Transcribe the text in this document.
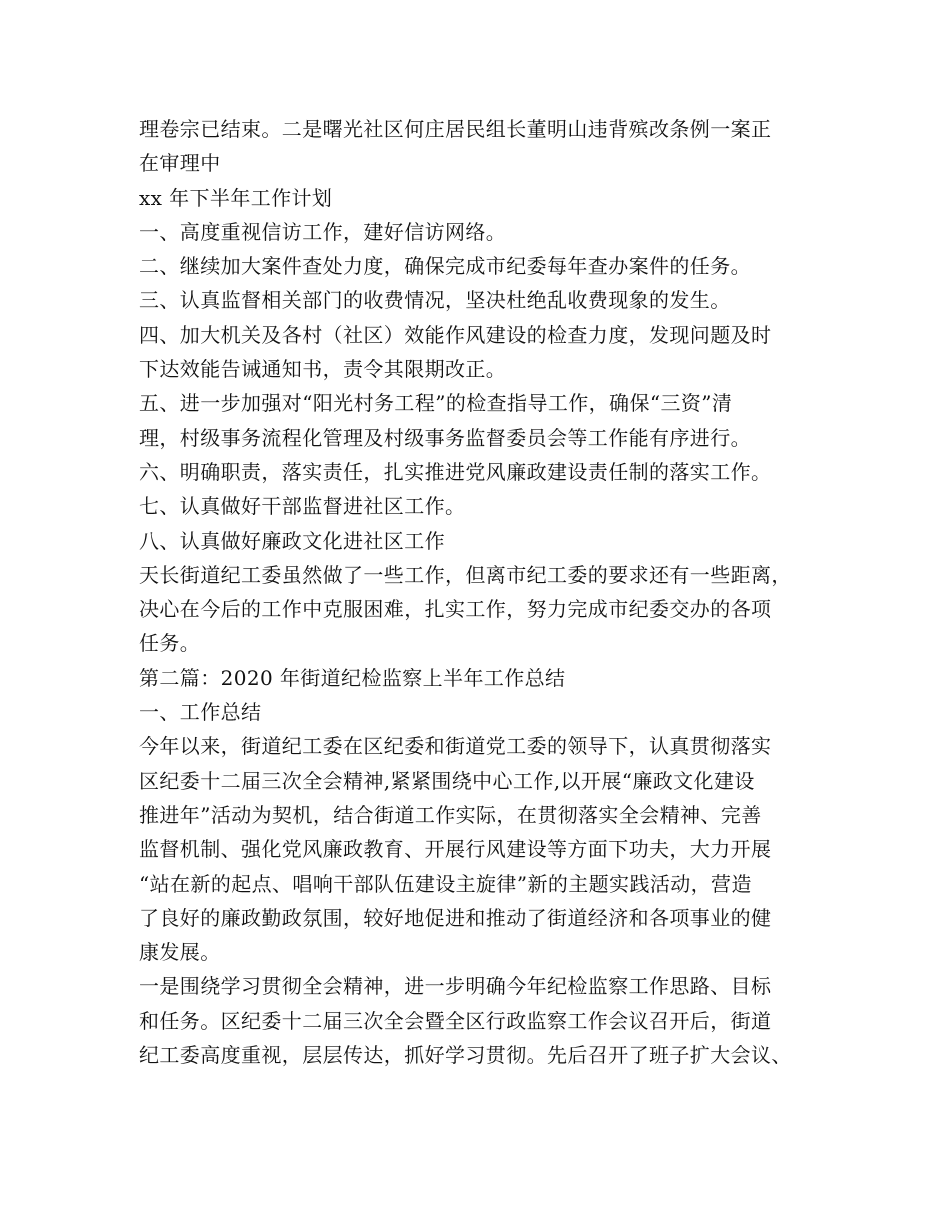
理卷宗已结束。二是曙光社区何庄居民组长董明山违背殡改条例一案正
在审理中
xx 年下半年工作计划
一、高度重视信访工作，建好信访网络。
二、继续加大案件查处力度，确保完成市纪委每年查办案件的任务。
三、认真监督相关部门的收费情况，坚决杜绝乱收费现象的发生。
四、加大机关及各村（社区）效能作风建设的检查力度，发现问题及时
下达效能告诫通知书，责令其限期改正。
五、进一步加强对“阳光村务工程”的检查指导工作，确保“三资”清
理，村级事务流程化管理及村级事务监督委员会等工作能有序进行。
六、明确职责，落实责任，扎实推进党风廉政建设责任制的落实工作。
七、认真做好干部监督进社区工作。
八、认真做好廉政文化进社区工作
天长街道纪工委虽然做了一些工作，但离市纪工委的要求还有一些距离，
决心在今后的工作中克服困难，扎实工作，努力完成市纪委交办的各项
任务。
第二篇：2020 年街道纪检监察上半年工作总结
一、工作总结
今年以来，街道纪工委在区纪委和街道党工委的领导下，认真贯彻落实
区纪委十二届三次全会精神,紧紧围绕中心工作,以开展“廉政文化建设
推进年”活动为契机，结合街道工作实际，在贯彻落实全会精神、完善
监督机制、强化党风廉政教育、开展行风建设等方面下功夫，大力开展
“站在新的起点、唱响干部队伍建设主旋律”新的主题实践活动，营造
了良好的廉政勤政氛围，较好地促进和推动了街道经济和各项事业的健
康发展。
一是围绕学习贯彻全会精神，进一步明确今年纪检监察工作思路、目标
和任务。区纪委十二届三次全会暨全区行政监察工作会议召开后，街道
纪工委高度重视，层层传达，抓好学习贯彻。先后召开了班子扩大会议、
